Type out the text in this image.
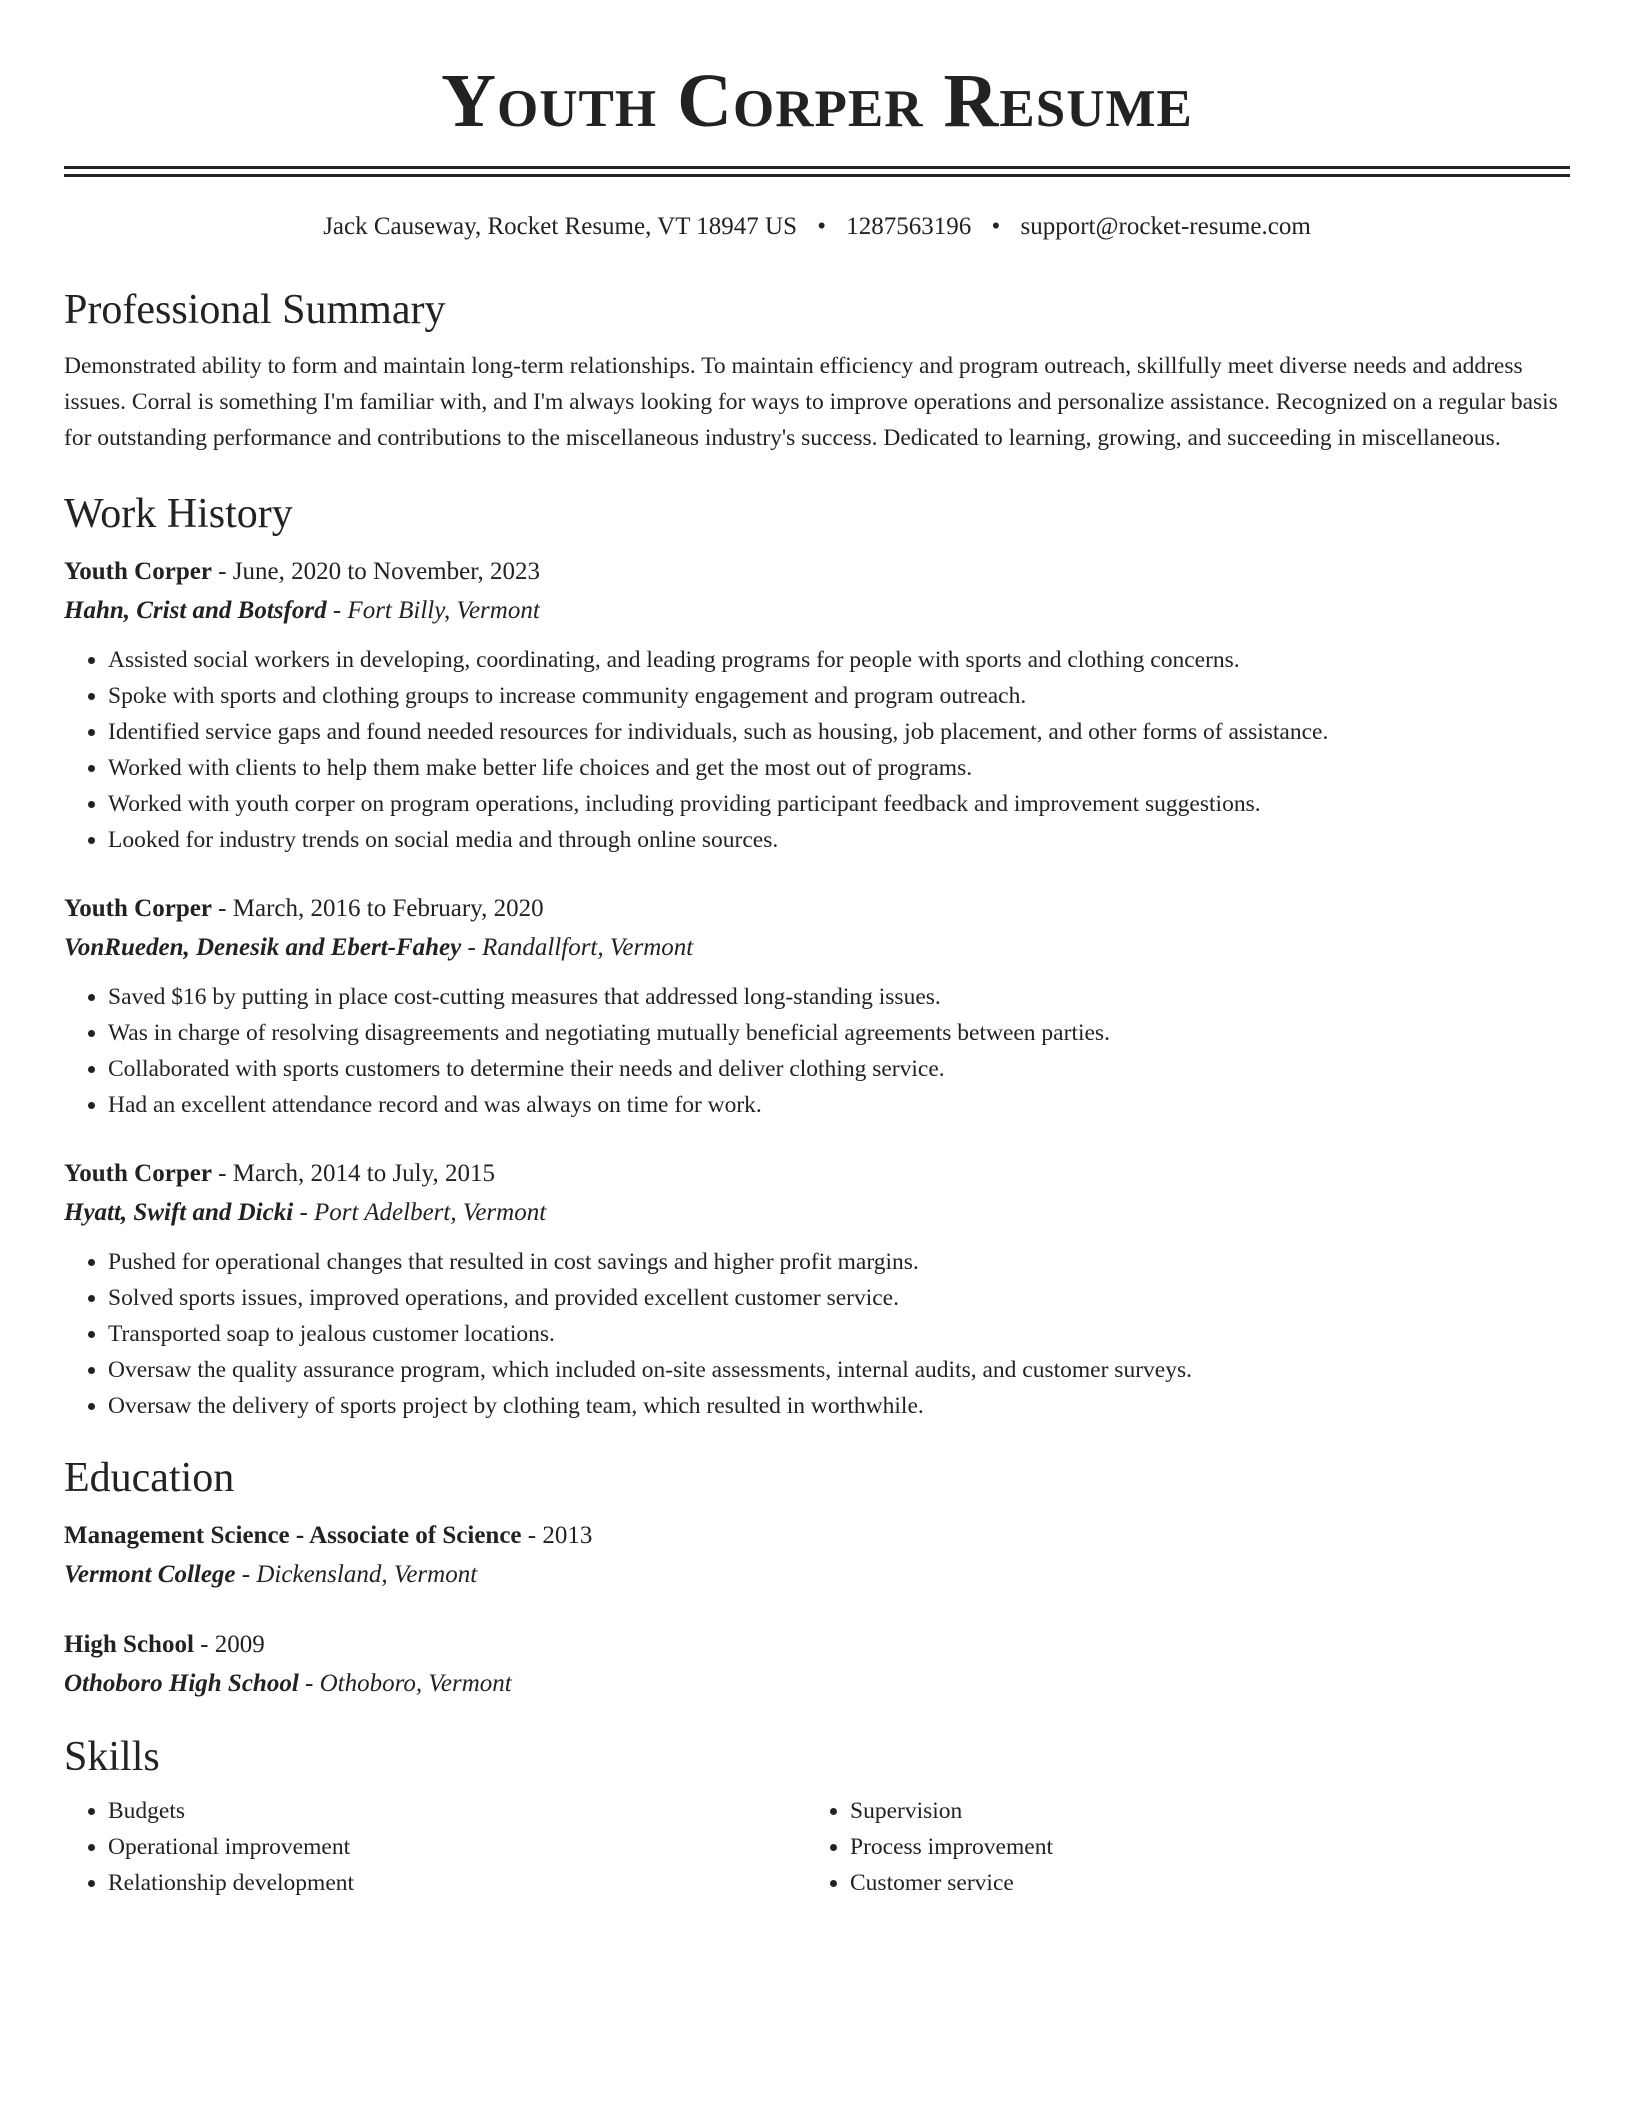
Youth Corper Resume
Jack Causeway, Rocket Resume, VT 18947 US • 1287563196 • support@rocket-resume.com
Professional Summary

Demonstrated ability to form and maintain long-term relationships. To maintain efficiency and program outreach, skillfully meet diverse needs and address issues. Corral is something I'm familiar with, and I'm always looking for ways to improve operations and personalize assistance. Recognized on a regular basis for outstanding performance and contributions to the miscellaneous industry's success. Dedicated to learning, growing, and succeeding in miscellaneous.

Work History
Youth Corper - June, 2020 to November, 2023
Hahn, Crist and Botsford - Fort Billy, Vermont
• Assisted social workers in developing, coordinating, and leading programs for people with sports and clothing concerns.
• Spoke with sports and clothing groups to increase community engagement and program outreach.
• Identified service gaps and found needed resources for individuals, such as housing, job placement, and other forms of assistance.
• Worked with clients to help them make better life choices and get the most out of programs.
• Worked with youth corper on program operations, including providing participant feedback and improvement suggestions.
• Looked for industry trends on social media and through online sources.
Youth Corper - March, 2016 to February, 2020
VonRueden, Denesik and Ebert-Fahey - Randallfort, Vermont
• Saved $16 by putting in place cost-cutting measures that addressed long-standing issues.
• Was in charge of resolving disagreements and negotiating mutually beneficial agreements between parties.
• Collaborated with sports customers to determine their needs and deliver clothing service.
• Had an excellent attendance record and was always on time for work.
Youth Corper - March, 2014 to July, 2015
Hyatt, Swift and Dicki - Port Adelbert, Vermont
• Pushed for operational changes that resulted in cost savings and higher profit margins.
• Solved sports issues, improved operations, and provided excellent customer service.
• Transported soap to jealous customer locations.
• Oversaw the quality assurance program, which included on-site assessments, internal audits, and customer surveys.
• Oversaw the delivery of sports project by clothing team, which resulted in worthwhile.
Education
Management Science - Associate of Science - 2013
Vermont College - Dickensland, Vermont
High School - 2009
Othoboro High School - Othoboro, Vermont
Skills
• Budgets
• Operational improvement
• Relationship development
• Supervision
• Process improvement
• Customer service
